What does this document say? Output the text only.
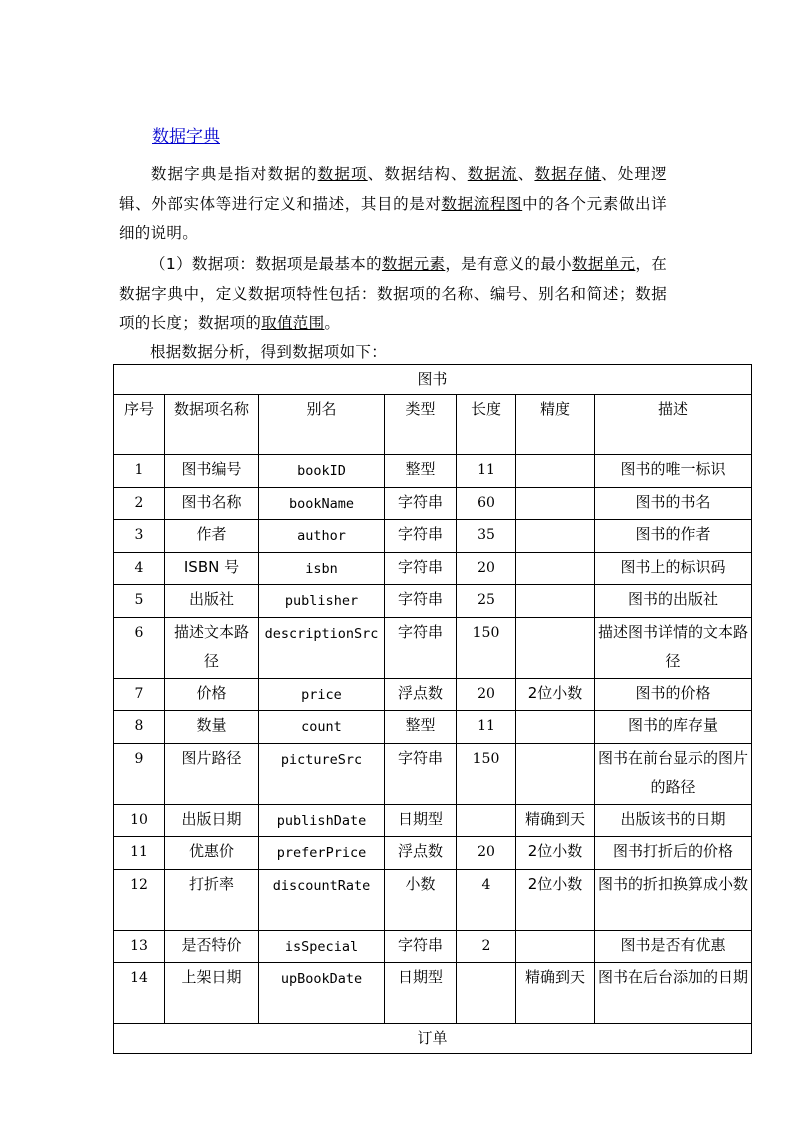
数据字典
数据字典是指对数据的数据项、数据结构、数据流、数据存储、处理逻辑、外部实体等进行定义和描述，其目的是对数据流程图中的各个元素做出详细的说明。
（1）数据项：数据项是最基本的数据元素，是有意义的最小数据单元，在数据字典中，定义数据项特性包括：数据项的名称、编号、别名和简述；数据项的长度；数据项的取值范围。
根据数据分析，得到数据项如下：
图书						
序号	数据项名称	别名	类型	长度	精度	描述
1	图书编号	bookID	整型	11		图书的唯一标识
2	图书名称	bookName	字符串	60		图书的书名
3	作者	author	字符串	35		图书的作者
4	ISBN 号	isbn	字符串	20		图书上的标识码
5	出版社	publisher	字符串	25		图书的出版社
6	描述文本路径	descriptionSrc	字符串	150		描述图书详情的文本路径
7	价格	price	浮点数	20	2位小数	图书的价格
8	数量	count	整型	11		图书的库存量
9	图片路径	pictureSrc	字符串	150		图书在前台显示的图片的路径
10	出版日期	publishDate	日期型		精确到天	出版该书的日期
11	优惠价	preferPrice	浮点数	20	2位小数	图书打折后的价格
12	打折率	discountRate	小数	4	2位小数	图书的折扣换算成小数
13	是否特价	isSpecial	字符串	2		图书是否有优惠
14	上架日期	upBookDate	日期型		精确到天	图书在后台添加的日期
订单						
